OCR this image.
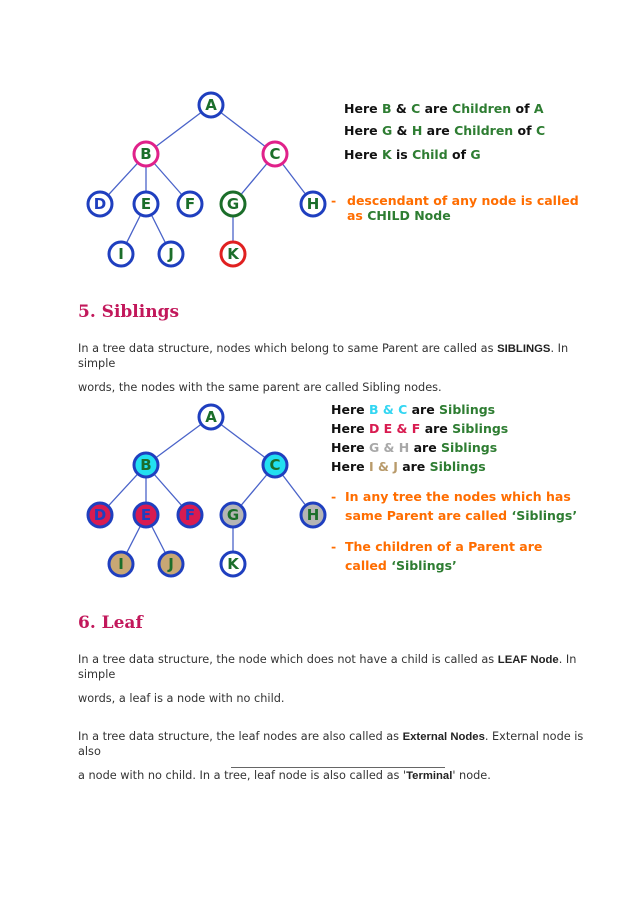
A
B	C
D E F G	H
I	J	K
A
B	C
D E F G	H
I	J	K
Here B & C are Children of A
Here G & H are Children of C
Here K is Child of G
- descendant of any node is called
as CHILD Node
5. Siblings
In a tree data structure, nodes which belong to same Parent are called as SIBLINGS. In
simple
words, the nodes with the same parent are called Sibling nodes.
Here B & C are Siblings
Here D E & F are Siblings
Here G & H are Siblings
Here I & J are Siblings
- In any tree the nodes which has
same Parent are called ‘Siblings’
- The children of a Parent are
called ‘Siblings’
6. Leaf
In a tree data structure, the node which does not have a child is called as LEAF Node. In
simple
words, a leaf is a node with no child.
In a tree data structure, the leaf nodes are also called as External Nodes. External node is
also
a node with no child. In a tree, leaf node is also called as 'Terminal' node.
